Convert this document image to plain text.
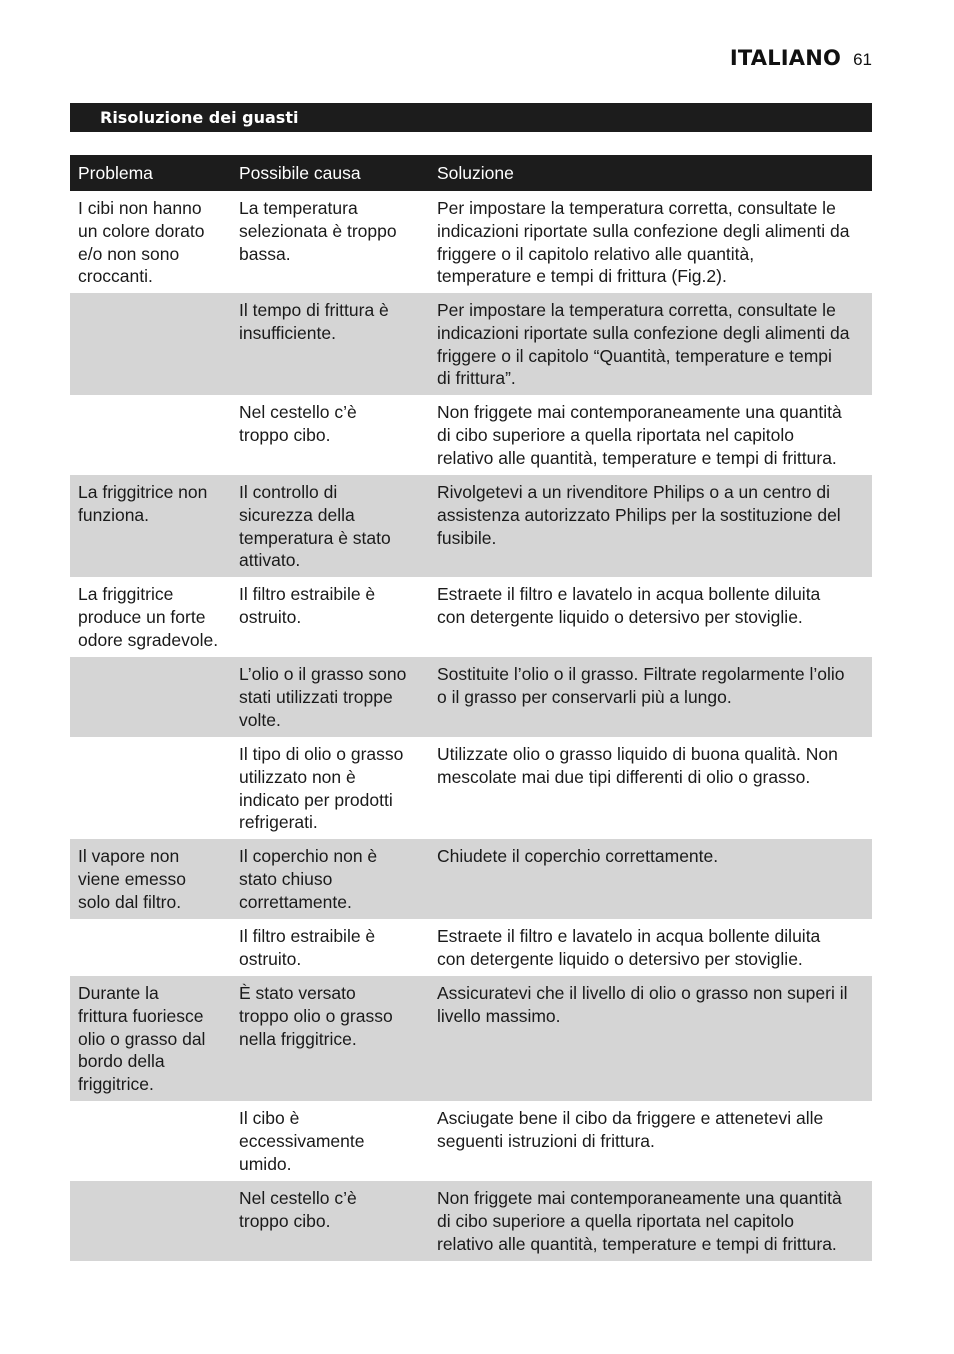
ITALIANO 61
Risoluzione dei guasti
Problema	Possibile causa	Soluzione
I cibi non hanno
un colore dorato
e/o non sono
croccanti.
La temperatura
selezionata è troppo
bassa.
Per impostare la temperatura corretta, consultate le
indicazioni riportate sulla confezione degli alimenti da
friggere o il capitolo relativo alle quantità,
temperature e tempi di frittura (Fig.2).
Il tempo di frittura è
insufficiente.
Per impostare la temperatura corretta, consultate le
indicazioni riportate sulla confezione degli alimenti da
friggere o il capitolo “Quantità, temperature e tempi
di frittura”.
Nel cestello c’è
troppo cibo.
Non friggete mai contemporaneamente una quantità
di cibo superiore a quella riportata nel capitolo
relativo alle quantità, temperature e tempi di frittura.
La friggitrice non
funziona.
Il controllo di
sicurezza della
temperatura è stato
attivato.
Rivolgetevi a un rivenditore Philips o a un centro di
assistenza autorizzato Philips per la sostituzione del
fusibile.
La friggitrice
produce un forte
odore sgradevole.
Il filtro estraibile è
ostruito.
Estraete il filtro e lavatelo in acqua bollente diluita
con detergente liquido o detersivo per stoviglie.
L’olio o il grasso sono
stati utilizzati troppe
volte.
Sostituite l’olio o il grasso. Filtrate regolarmente l’olio
o il grasso per conservarli più a lungo.
Il tipo di olio o grasso
utilizzato non è
indicato per prodotti
refrigerati.
Utilizzate olio o grasso liquido di buona qualità. Non
mescolate mai due tipi differenti di olio o grasso.
Il vapore non
viene emesso
solo dal filtro.
Il coperchio non è
stato chiuso
correttamente.
Chiudete il coperchio correttamente.
Il filtro estraibile è
ostruito.
Estraete il filtro e lavatelo in acqua bollente diluita
con detergente liquido o detersivo per stoviglie.
Durante la
frittura fuoriesce
olio o grasso dal
bordo della
friggitrice.
È stato versato
troppo olio o grasso
nella friggitrice.
Assicuratevi che il livello di olio o grasso non superi il
livello massimo.
Il cibo è
eccessivamente
umido.
Asciugate bene il cibo da friggere e attenetevi alle
seguenti istruzioni di frittura.
Nel cestello c’è
troppo cibo.
Non friggete mai contemporaneamente una quantità
di cibo superiore a quella riportata nel capitolo
relativo alle quantità, temperature e tempi di frittura.
